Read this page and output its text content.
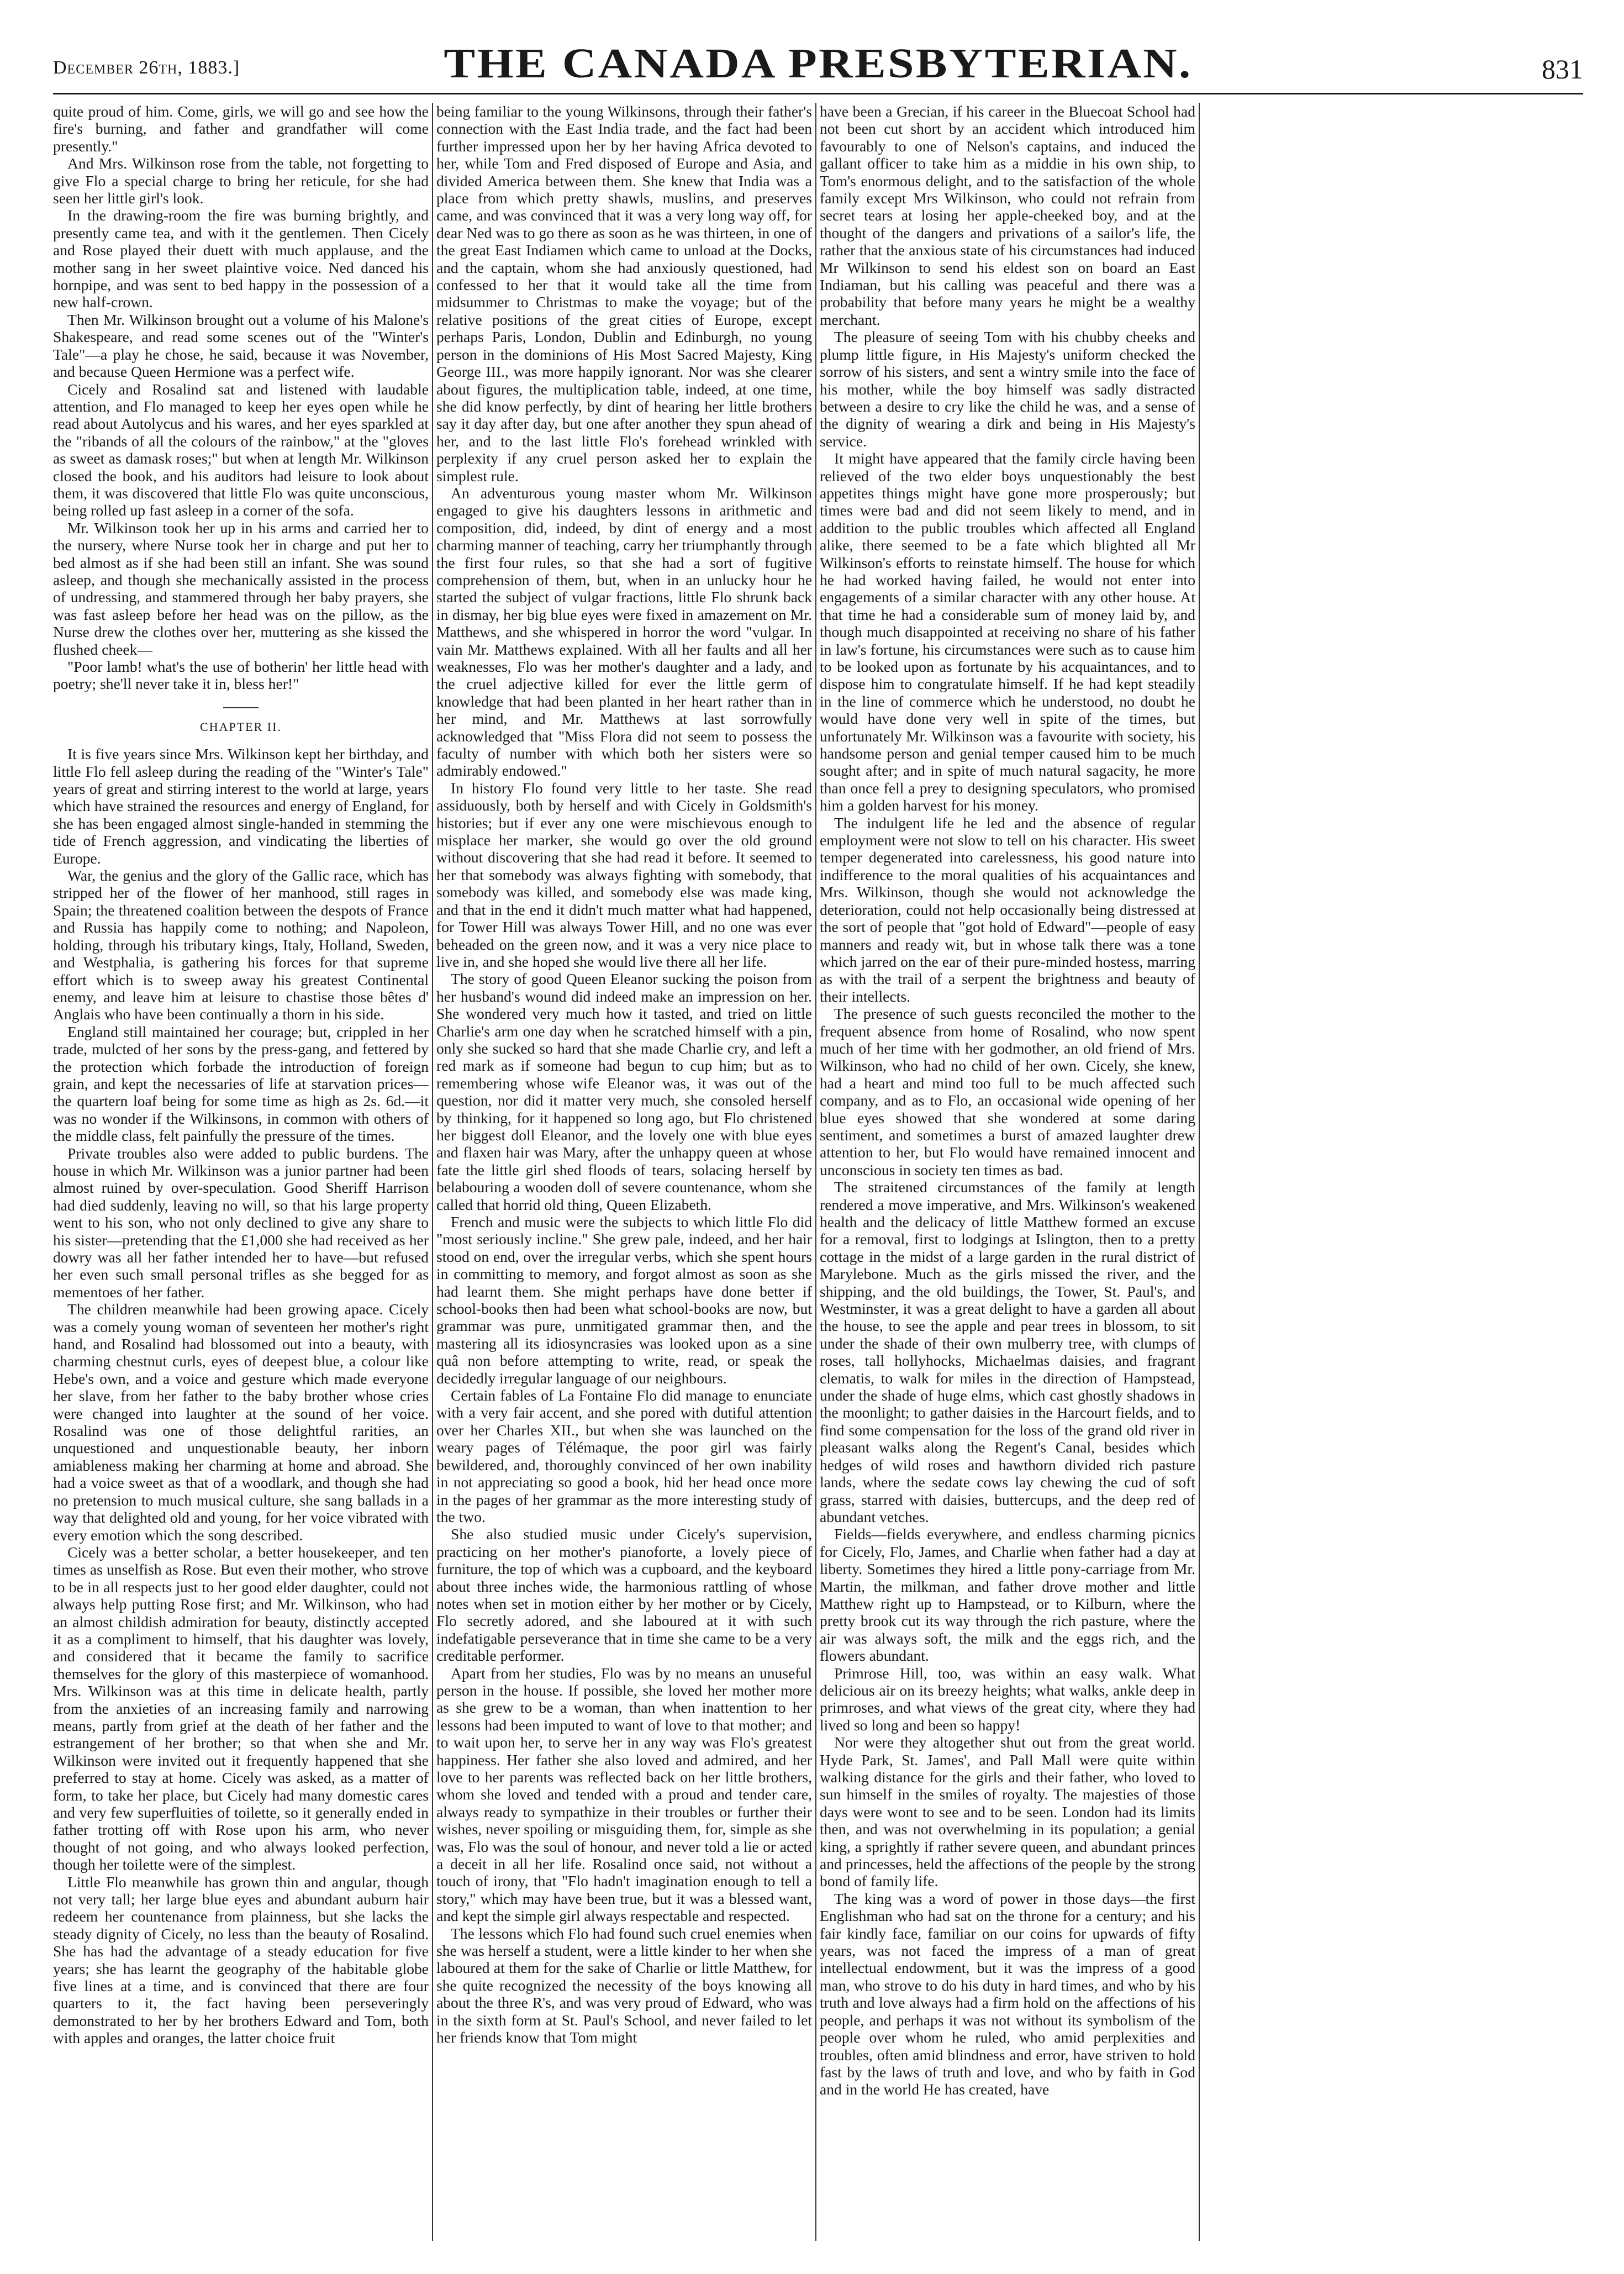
December 26th, 1883.]	THE CANADA PRESBYTERIAN.	831

quite proud of him. Come, girls, we will go and see how the fire's burning, and father and grandfather will come presently."

And Mrs. Wilkinson rose from the table, not forgetting to give Flo a special charge to bring her reticule, for she had seen her little girl's look.

In the drawing-room the fire was burning brightly, and presently came tea, and with it the gentlemen. Then Cicely and Rose played their duett with much applause, and the mother sang in her sweet plaintive voice. Ned danced his hornpipe, and was sent to bed happy in the possession of a new half-crown.

Then Mr. Wilkinson brought out a volume of his Malone's Shakespeare, and read some scenes out of the "Winter's Tale"—a play he chose, he said, because it was November, and because Queen Hermione was a perfect wife.

Cicely and Rosalind sat and listened with laudable attention, and Flo managed to keep her eyes open while he read about Autolycus and his wares, and her eyes sparkled at the "ribands of all the colours of the rainbow," at the "gloves as sweet as damask roses;" but when at length Mr. Wilkinson closed the book, and his auditors had leisure to look about them, it was discovered that little Flo was quite unconscious, being rolled up fast asleep in a corner of the sofa.

Mr. Wilkinson took her up in his arms and carried her to the nursery, where Nurse took her in charge and put her to bed almost as if she had been still an infant. She was sound asleep, and though she mechanically assisted in the process of undressing, and stammered through her baby prayers, she was fast asleep before her head was on the pillow, as the Nurse drew the clothes over her, muttering as she kissed the flushed cheek—

"Poor lamb! what's the use of botherin' her little head with poetry; she'll never take it in, bless her!"

CHAPTER II.

It is five years since Mrs. Wilkinson kept her birthday, and little Flo fell asleep during the reading of the "Winter's Tale" years of great and stirring interest to the world at large, years which have strained the resources and energy of England, for she has been engaged almost single-handed in stemming the tide of French aggression, and vindicating the liberties of Europe.

War, the genius and the glory of the Gallic race, which has stripped her of the flower of her manhood, still rages in Spain; the threatened coalition between the despots of France and Russia has happily come to nothing; and Napoleon, holding, through his tributary kings, Italy, Holland, Sweden, and Westphalia, is gathering his forces for that supreme effort which is to sweep away his greatest Continental enemy, and leave him at leisure to chastise those bêtes d' Anglais who have been continually a thorn in his side.

England still maintained her courage; but, crippled in her trade, mulcted of her sons by the press-gang, and fettered by the protection which forbade the introduction of foreign grain, and kept the necessaries of life at starvation prices—the quartern loaf being for some time as high as 2s. 6d.—it was no wonder if the Wilkinsons, in common with others of the middle class, felt painfully the pressure of the times.

Private troubles also were added to public burdens. The house in which Mr. Wilkinson was a junior partner had been almost ruined by over-speculation. Good Sheriff Harrison had died suddenly, leaving no will, so that his large property went to his son, who not only declined to give any share to his sister—pretending that the £1,000 she had received as her dowry was all her father intended her to have—but refused her even such small personal trifles as she begged for as mementoes of her father.

The children meanwhile had been growing apace. Cicely was a comely young woman of seventeen her mother's right hand, and Rosalind had blossomed out into a beauty, with charming chestnut curls, eyes of deepest blue, a colour like Hebe's own, and a voice and gesture which made everyone her slave, from her father to the baby brother whose cries were changed into laughter at the sound of her voice. Rosalind was one of those delightful rarities, an unquestioned and unquestionable beauty, her inborn amiableness making her charming at home and abroad. She had a voice sweet as that of a woodlark, and though she had no pretension to much musical culture, she sang ballads in a way that delighted old and young, for her voice vibrated with every emotion which the song described.

Cicely was a better scholar, a better housekeeper, and ten times as unselfish as Rose. But even their mother, who strove to be in all respects just to her good elder daughter, could not always help putting Rose first; and Mr. Wilkinson, who had an almost childish admiration for beauty, distinctly accepted it as a compliment to himself, that his daughter was lovely, and considered that it became the family to sacrifice themselves for the glory of this masterpiece of womanhood. Mrs. Wilkinson was at this time in delicate health, partly from the anxieties of an increasing family and narrowing means, partly from grief at the death of her father and the estrangement of her brother; so that when she and Mr. Wilkinson were invited out it frequently happened that she preferred to stay at home. Cicely was asked, as a matter of form, to take her place, but Cicely had many domestic cares and very few superfluities of toilette, so it generally ended in father trotting off with Rose upon his arm, who never thought of not going, and who always looked perfection, though her toilette were of the simplest.

Little Flo meanwhile has grown thin and angular, though not very tall; her large blue eyes and abundant auburn hair redeem her countenance from plainness, but she lacks the steady dignity of Cicely, no less than the beauty of Rosalind. She has had the advantage of a steady education for five years; she has learnt the geography of the habitable globe five lines at a time, and is convinced that there are four quarters to it, the fact having been perseveringly demonstrated to her by her brothers Edward and Tom, both with apples and oranges, the latter choice fruit

being familiar to the young Wilkinsons, through their father's connection with the East India trade, and the fact had been further impressed upon her by her having Africa devoted to her, while Tom and Fred disposed of Europe and Asia, and divided America between them. She knew that India was a place from which pretty shawls, muslins, and preserves came, and was convinced that it was a very long way off, for dear Ned was to go there as soon as he was thirteen, in one of the great East Indiamen which came to unload at the Docks, and the captain, whom she had anxiously questioned, had confessed to her that it would take all the time from midsummer to Christmas to make the voyage; but of the relative positions of the great cities of Europe, except perhaps Paris, London, Dublin and Edinburgh, no young person in the dominions of His Most Sacred Majesty, King George III., was more happily ignorant. Nor was she clearer about figures, the multiplication table, indeed, at one time, she did know perfectly, by dint of hearing her little brothers say it day after day, but one after another they spun ahead of her, and to the last little Flo's forehead wrinkled with perplexity if any cruel person asked her to explain the simplest rule.

An adventurous young master whom Mr. Wilkinson engaged to give his daughters lessons in arithmetic and composition, did, indeed, by dint of energy and a most charming manner of teaching, carry her triumphantly through the first four rules, so that she had a sort of fugitive comprehension of them, but, when in an unlucky hour he started the subject of vulgar fractions, little Flo shrunk back in dismay, her big blue eyes were fixed in amazement on Mr. Matthews, and she whispered in horror the word "vulgar. In vain Mr. Matthews explained. With all her faults and all her weaknesses, Flo was her mother's daughter and a lady, and the cruel adjective killed for ever the little germ of knowledge that had been planted in her heart rather than in her mind, and Mr. Matthews at last sorrowfully acknowledged that "Miss Flora did not seem to possess the faculty of number with which both her sisters were so admirably endowed."

In history Flo found very little to her taste. She read assiduously, both by herself and with Cicely in Goldsmith's histories; but if ever any one were mischievous enough to misplace her marker, she would go over the old ground without discovering that she had read it before. It seemed to her that somebody was always fighting with somebody, that somebody was killed, and somebody else was made king, and that in the end it didn't much matter what had happened, for Tower Hill was always Tower Hill, and no one was ever beheaded on the green now, and it was a very nice place to live in, and she hoped she would live there all her life.

The story of good Queen Eleanor sucking the poison from her husband's wound did indeed make an impression on her. She wondered very much how it tasted, and tried on little Charlie's arm one day when he scratched himself with a pin, only she sucked so hard that she made Charlie cry, and left a red mark as if someone had begun to cup him; but as to remembering whose wife Eleanor was, it was out of the question, nor did it matter very much, she consoled herself by thinking, for it happened so long ago, but Flo christened her biggest doll Eleanor, and the lovely one with blue eyes and flaxen hair was Mary, after the unhappy queen at whose fate the little girl shed floods of tears, solacing herself by belabouring a wooden doll of severe countenance, whom she called that horrid old thing, Queen Elizabeth.

French and music were the subjects to which little Flo did "most seriously incline." She grew pale, indeed, and her hair stood on end, over the irregular verbs, which she spent hours in committing to memory, and forgot almost as soon as she had learnt them. She might perhaps have done better if school-books then had been what school-books are now, but grammar was pure, unmitigated grammar then, and the mastering all its idiosyncrasies was looked upon as a sine quâ non before attempting to write, read, or speak the decidedly irregular language of our neighbours.

Certain fables of La Fontaine Flo did manage to enunciate with a very fair accent, and she pored with dutiful attention over her Charles XII., but when she was launched on the weary pages of Télémaque, the poor girl was fairly bewildered, and, thoroughly convinced of her own inability in not appreciating so good a book, hid her head once more in the pages of her grammar as the more interesting study of the two.

She also studied music under Cicely's supervision, practicing on her mother's pianoforte, a lovely piece of furniture, the top of which was a cupboard, and the keyboard about three inches wide, the harmonious rattling of whose notes when set in motion either by her mother or by Cicely, Flo secretly adored, and she laboured at it with such indefatigable perseverance that in time she came to be a very creditable performer.

Apart from her studies, Flo was by no means an unuseful person in the house. If possible, she loved her mother more as she grew to be a woman, than when inattention to her lessons had been imputed to want of love to that mother; and to wait upon her, to serve her in any way was Flo's greatest happiness. Her father she also loved and admired, and her love to her parents was reflected back on her little brothers, whom she loved and tended with a proud and tender care, always ready to sympathize in their troubles or further their wishes, never spoiling or misguiding them, for, simple as she was, Flo was the soul of honour, and never told a lie or acted a deceit in all her life. Rosalind once said, not without a touch of irony, that "Flo hadn't imagination enough to tell a story," which may have been true, but it was a blessed want, and kept the simple girl always respectable and respected.

The lessons which Flo had found such cruel enemies when she was herself a student, were a little kinder to her when she laboured at them for the sake of Charlie or little Matthew, for she quite recognized the necessity of the boys knowing all about the three R's, and was very proud of Edward, who was in the sixth form at St. Paul's School, and never failed to let her friends know that Tom might

have been a Grecian, if his career in the Bluecoat School had not been cut short by an accident which introduced him favourably to one of Nelson's captains, and induced the gallant officer to take him as a middie in his own ship, to Tom's enormous delight, and to the satisfaction of the whole family except Mrs Wilkinson, who could not refrain from secret tears at losing her apple-cheeked boy, and at the thought of the dangers and privations of a sailor's life, the rather that the anxious state of his circumstances had induced Mr Wilkinson to send his eldest son on board an East Indiaman, but his calling was peaceful and there was a probability that before many years he might be a wealthy merchant.

The pleasure of seeing Tom with his chubby cheeks and plump little figure, in His Majesty's uniform checked the sorrow of his sisters, and sent a wintry smile into the face of his mother, while the boy himself was sadly distracted between a desire to cry like the child he was, and a sense of the dignity of wearing a dirk and being in His Majesty's service.

It might have appeared that the family circle having been relieved of the two elder boys unquestionably the best appetites things might have gone more prosperously; but times were bad and did not seem likely to mend, and in addition to the public troubles which affected all England alike, there seemed to be a fate which blighted all Mr Wilkinson's efforts to reinstate himself. The house for which he had worked having failed, he would not enter into engagements of a similar character with any other house. At that time he had a considerable sum of money laid by, and though much disappointed at receiving no share of his father in law's fortune, his circumstances were such as to cause him to be looked upon as fortunate by his acquaintances, and to dispose him to congratulate himself. If he had kept steadily in the line of commerce which he understood, no doubt he would have done very well in spite of the times, but unfortunately Mr. Wilkinson was a favourite with society, his handsome person and genial temper caused him to be much sought after; and in spite of much natural sagacity, he more than once fell a prey to designing speculators, who promised him a golden harvest for his money.

The indulgent life he led and the absence of regular employment were not slow to tell on his character. His sweet temper degenerated into carelessness, his good nature into indifference to the moral qualities of his acquaintances and Mrs. Wilkinson, though she would not acknowledge the deterioration, could not help occasionally being distressed at the sort of people that "got hold of Edward"—people of easy manners and ready wit, but in whose talk there was a tone which jarred on the ear of their pure-minded hostess, marring as with the trail of a serpent the brightness and beauty of their intellects.

The presence of such guests reconciled the mother to the frequent absence from home of Rosalind, who now spent much of her time with her godmother, an old friend of Mrs. Wilkinson, who had no child of her own. Cicely, she knew, had a heart and mind too full to be much affected such company, and as to Flo, an occasional wide opening of her blue eyes showed that she wondered at some daring sentiment, and sometimes a burst of amazed laughter drew attention to her, but Flo would have remained innocent and unconscious in society ten times as bad.

The straitened circumstances of the family at length rendered a move imperative, and Mrs. Wilkinson's weakened health and the delicacy of little Matthew formed an excuse for a removal, first to lodgings at Islington, then to a pretty cottage in the midst of a large garden in the rural district of Marylebone. Much as the girls missed the river, and the shipping, and the old buildings, the Tower, St. Paul's, and Westminster, it was a great delight to have a garden all about the house, to see the apple and pear trees in blossom, to sit under the shade of their own mulberry tree, with clumps of roses, tall hollyhocks, Michaelmas daisies, and fragrant clematis, to walk for miles in the direction of Hampstead, under the shade of huge elms, which cast ghostly shadows in the moonlight; to gather daisies in the Harcourt fields, and to find some compensation for the loss of the grand old river in pleasant walks along the Regent's Canal, besides which hedges of wild roses and hawthorn divided rich pasture lands, where the sedate cows lay chewing the cud of soft grass, starred with daisies, buttercups, and the deep red of abundant vetches.

Fields—fields everywhere, and endless charming picnics for Cicely, Flo, James, and Charlie when father had a day at liberty. Sometimes they hired a little pony-carriage from Mr. Martin, the milkman, and father drove mother and little Matthew right up to Hampstead, or to Kilburn, where the pretty brook cut its way through the rich pasture, where the air was always soft, the milk and the eggs rich, and the flowers abundant.

Primrose Hill, too, was within an easy walk. What delicious air on its breezy heights; what walks, ankle deep in primroses, and what views of the great city, where they had lived so long and been so happy!

Nor were they altogether shut out from the great world. Hyde Park, St. James', and Pall Mall were quite within walking distance for the girls and their father, who loved to sun himself in the smiles of royalty. The majesties of those days were wont to see and to be seen. London had its limits then, and was not overwhelming in its population; a genial king, a sprightly if rather severe queen, and abundant princes and princesses, held the affections of the people by the strong bond of family life.

The king was a word of power in those days—the first Englishman who had sat on the throne for a century; and his fair kindly face, familiar on our coins for upwards of fifty years, was not faced the impress of a man of great intellectual endowment, but it was the impress of a good man, who strove to do his duty in hard times, and who by his truth and love always had a firm hold on the affections of his people, and perhaps it was not without its symbolism of the people over whom he ruled, who amid perplexities and troubles, often amid blindness and error, have striven to hold fast by the laws of truth and love, and who by faith in God and in the world He has created, have
